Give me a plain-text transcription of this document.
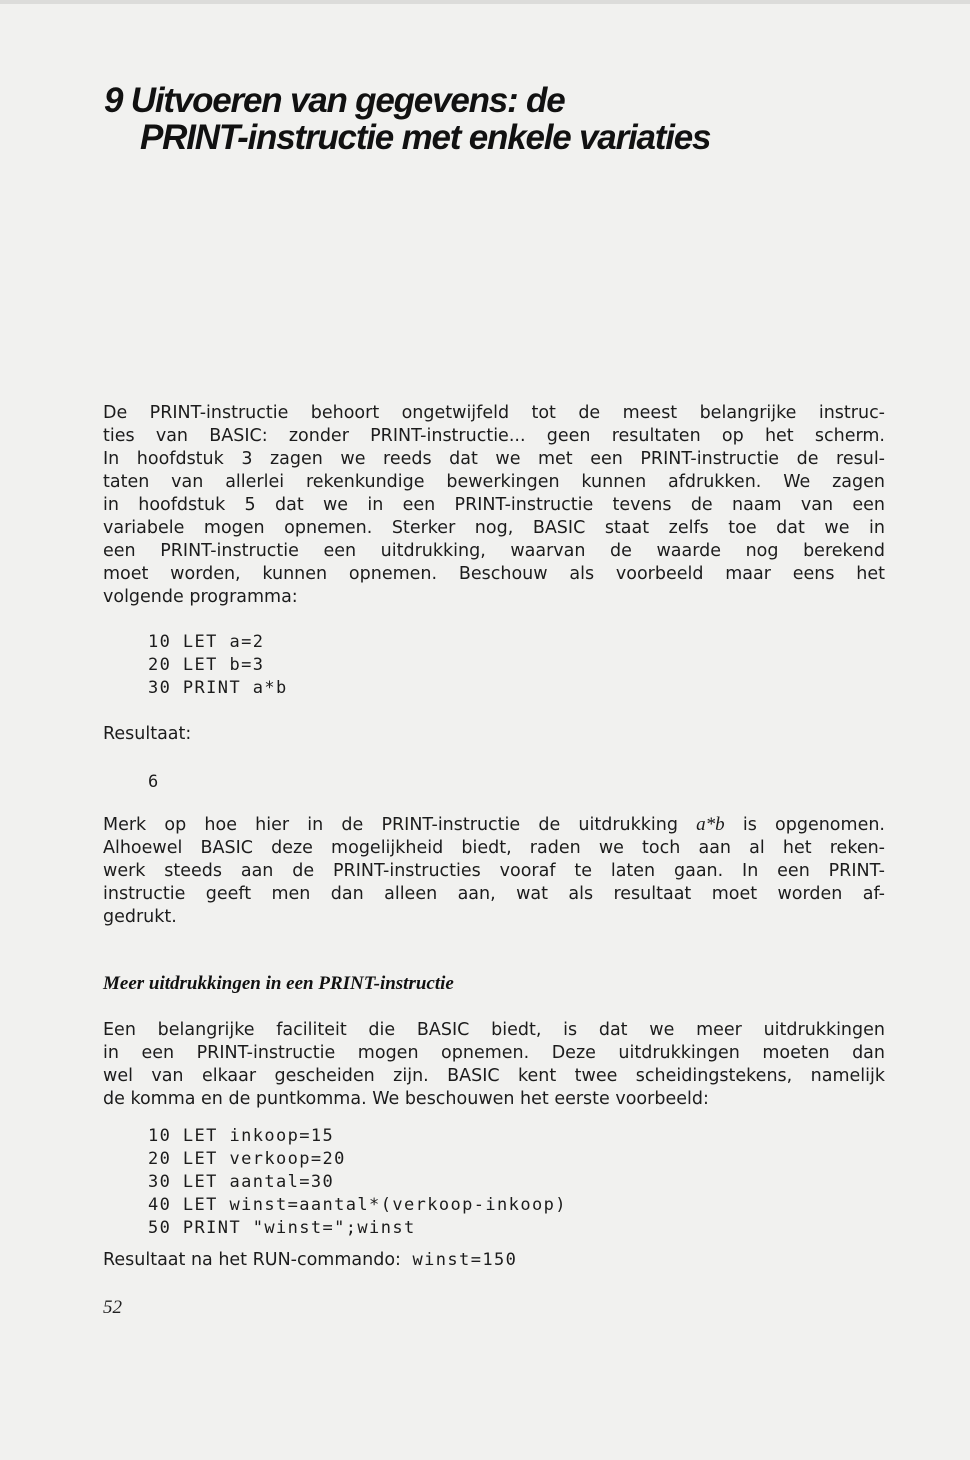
9 Uitvoeren van gegevens: de
PRINT-instructie met enkele variaties
De PRINT-instructie behoort ongetwijfeld tot de meest belangrijke instruc-
ties van BASIC: zonder PRINT-instructie... geen resultaten op het scherm.
In hoofdstuk 3 zagen we reeds dat we met een PRINT-instructie de resul-
taten van allerlei rekenkundige bewerkingen kunnen afdrukken. We zagen
in hoofdstuk 5 dat we in een PRINT-instructie tevens de naam van een
variabele mogen opnemen. Sterker nog, BASIC staat zelfs toe dat we in
een PRINT-instructie een uitdrukking, waarvan de waarde nog berekend
moet worden, kunnen opnemen. Beschouw als voorbeeld maar eens het
volgende programma:
10 LET a=2
20 LET b=3
30 PRINT a*b
Resultaat:
6
Merk op hoe hier in de PRINT-instructie de uitdrukking a*b is opgenomen.
Alhoewel BASIC deze mogelijkheid biedt, raden we toch aan al het reken-
werk steeds aan de PRINT-instructies vooraf te laten gaan. In een PRINT-
instructie geeft men dan alleen aan, wat als resultaat moet worden af-
gedrukt.
Meer uitdrukkingen in een PRINT-instructie
Een belangrijke faciliteit die BASIC biedt, is dat we meer uitdrukkingen
in een PRINT-instructie mogen opnemen. Deze uitdrukkingen moeten dan
wel van elkaar gescheiden zijn. BASIC kent twee scheidingstekens, namelijk
de komma en de puntkomma. We beschouwen het eerste voorbeeld:
10 LET inkoop=15
20 LET verkoop=20
30 LET aantal=30
40 LET winst=aantal*(verkoop-inkoop)
50 PRINT "winst=";winst
Resultaat na het RUN-commando: winst=150
52
